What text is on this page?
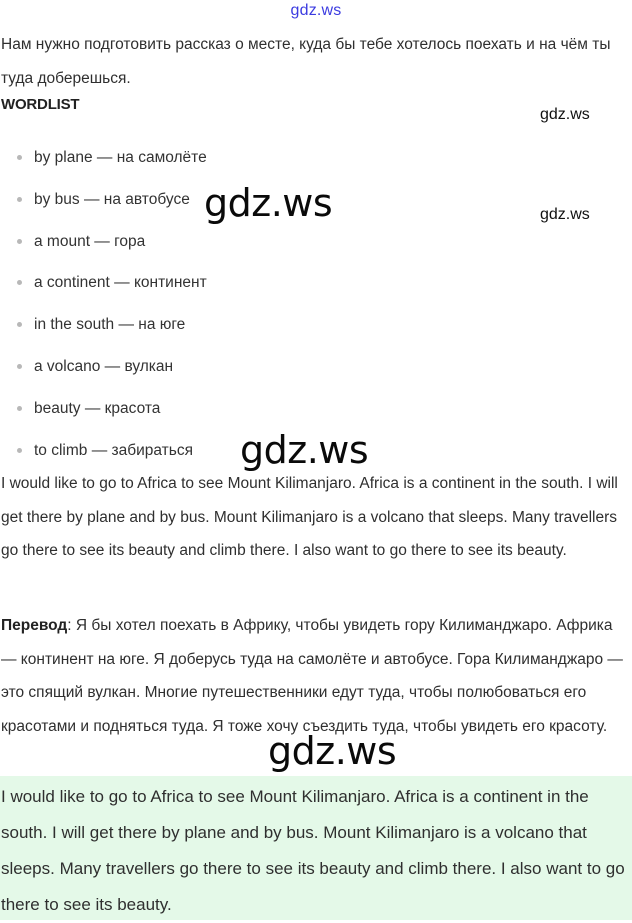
gdz.ws

Нам нужно подготовить рассказ о месте, куда бы тебе хотелось поехать и на чём ты туда доберешься.

WORDLIST
by plane — на самолёте
by bus — на автобусе
a mount — гора
a continent — континент
in the south — на юге
a volcano — вулкан
beauty — красота
to climb — забираться
gdz.ws
gdz.ws
gdz.ws

I would like to go to Africa to see Mount Kilimanjaro. Africa is a continent in the south. I will get there by plane and by bus. Mount Kilimanjaro is a volcano that sleeps. Many travellers go there to see its beauty and climb there. I also want to go there to see its beauty.

gdz.ws

Перевод: Я бы хотел поехать в Африку, чтобы увидеть гору Килиманджаро. Африка — континент на юге. Я доберусь туда на самолёте и автобусе. Гора Килиманджаро — это спящий вулкан. Многие путешественники едут туда, чтобы полюбоваться его красотами и подняться туда. Я тоже хочу съездить туда, чтобы увидеть его красоту.

gdz.ws

I would like to go to Africa to see Mount Kilimanjaro. Africa is a continent in the south. I will get there by plane and by bus. Mount Kilimanjaro is a volcano that sleeps. Many travellers go there to see its beauty and climb there. I also want to go there to see its beauty.
